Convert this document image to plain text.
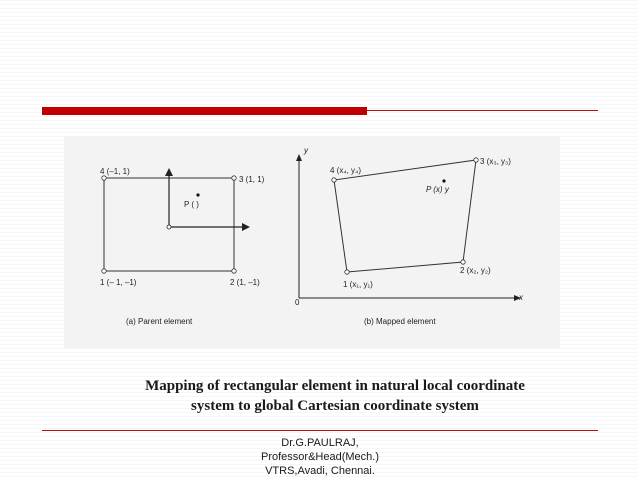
P ( )
4 (–1, 1)
3 (1, 1)
1 (– 1, –1)	2 (1, –1)
(a) Parent element
y
x
0
P (x) y
4 (x₄, y₄)
3 (x₃, y₃)
1 (x₁, y₁)
2 (x₂, y₂)
(b) Mapped element
Mapping of rectangular element in natural local coordinate
system to global Cartesian coordinate system
Dr.G.PAULRAJ,
Professor&Head(Mech.)
VTRS,Avadi, Chennai.
